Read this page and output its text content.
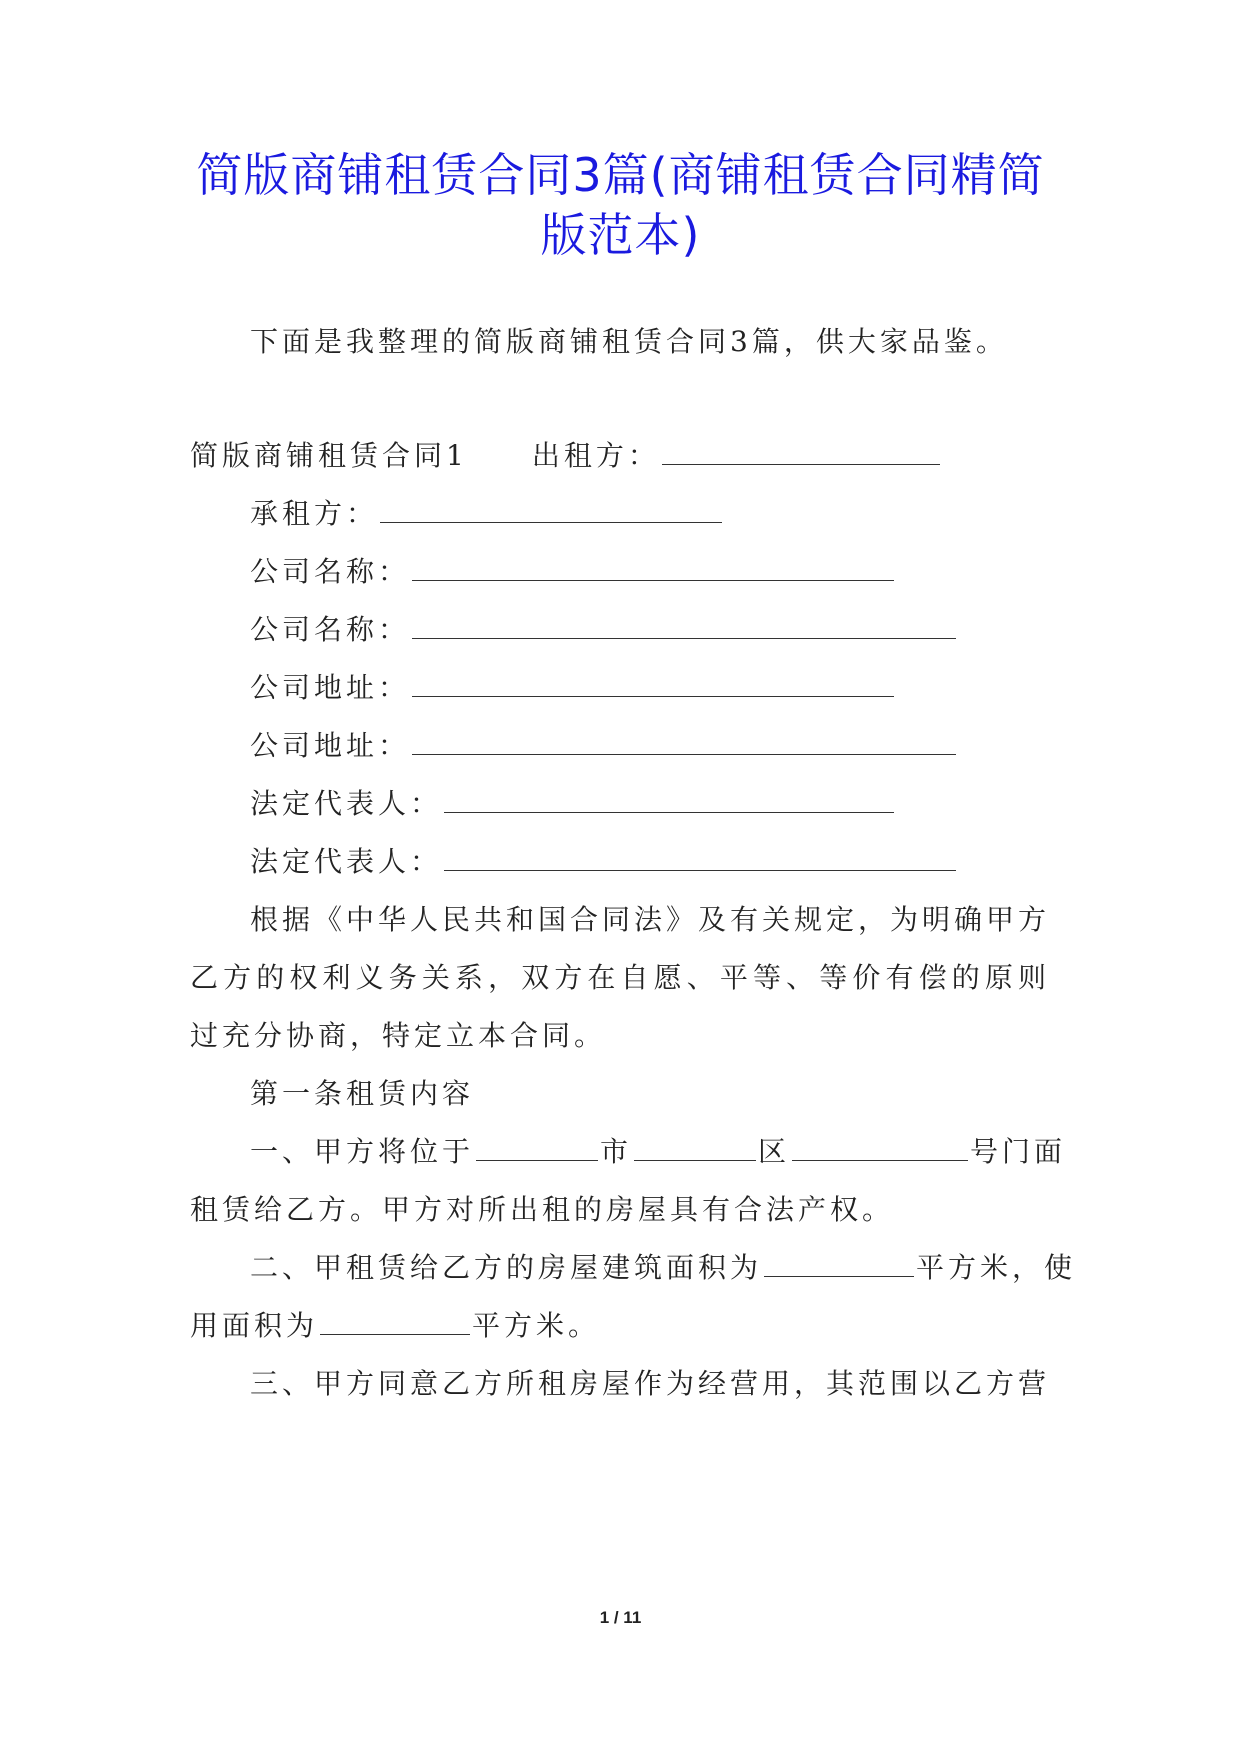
简版商铺租赁合同3篇(商铺租赁合同精简
版范本)
下面是我整理的简版商铺租赁合同3篇，供大家品鉴。
简版商铺租赁合同1 出租方：
承租方：
公司名称：
公司名称：
公司地址：
公司地址：
法定代表人：
法定代表人：
根据《中华人民共和国合同法》及有关规定，为明确甲方
乙方的权利义务关系，双方在自愿、平等、等价有偿的原则
过充分协商，特定立本合同。
第一条租赁内容
一、甲方将位于	市	区	号门面
租赁给乙方。甲方对所出租的房屋具有合法产权。
二、甲租赁给乙方的房屋建筑面积为	平方米，使
用面积为	平方米。
三、甲方同意乙方所租房屋作为经营用，其范围以乙方营
1 / 11
